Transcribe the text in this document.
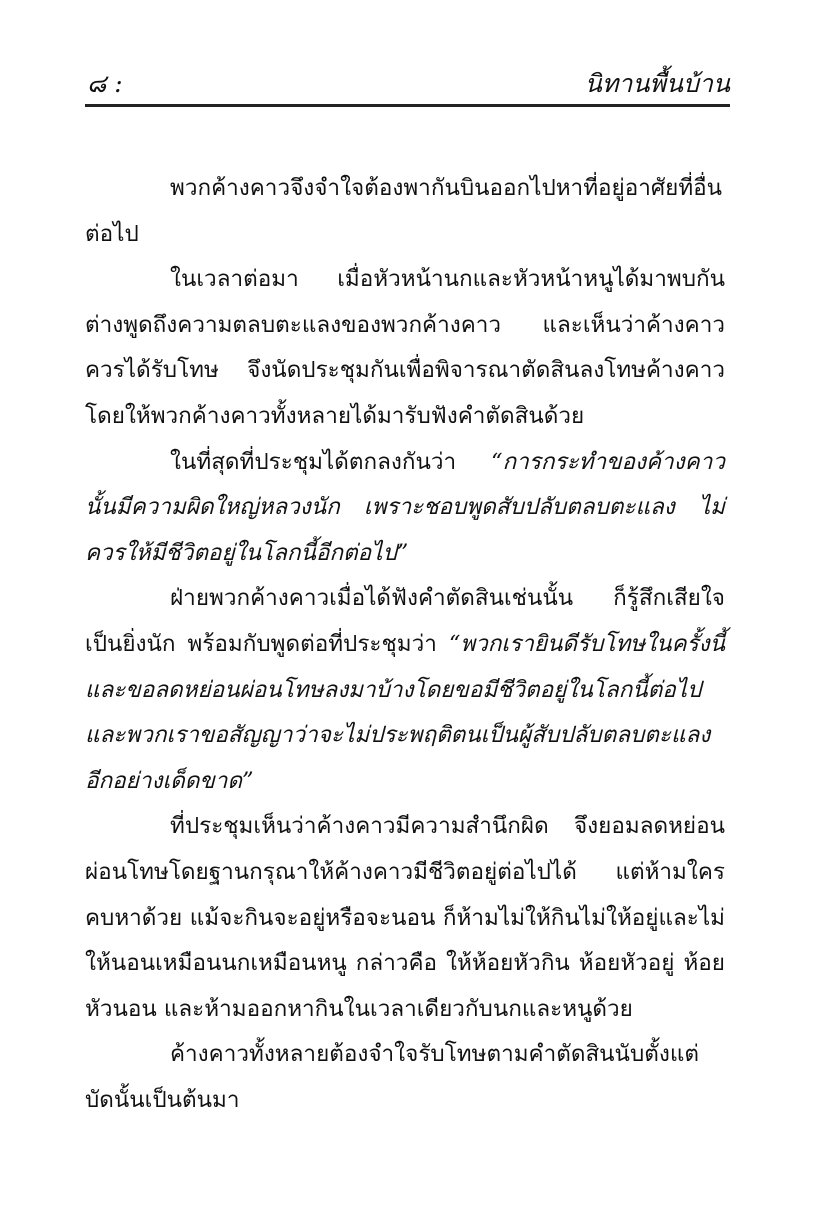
๘ :	นิทานพื้นบ้าน

พวกค้างคาวจึงจำใจต้องพากันบินออกไปหาที่อยู่อาศัยที่อื่นต่อไป

ในเวลาต่อมา เมื่อหัวหน้านกและหัวหน้าหนูได้มาพบกัน ต่างพูดถึงความตลบตะแลงของพวกค้างคาว และเห็นว่าค้างคาวควรได้รับโทษ จึงนัดประชุมกันเพื่อพิจารณาตัดสินลงโทษค้างคาว โดยให้พวกค้างคาวทั้งหลายได้มารับฟังคำตัดสินด้วย

ในที่สุดที่ประชุมได้ตกลงกันว่า “การกระทำของค้างคาวนั้นมีความผิดใหญ่หลวงนัก เพราะชอบพูดสับปลับตลบตะแลง ไม่ควรให้มีชีวิตอยู่ในโลกนี้อีกต่อไป”

ฝ่ายพวกค้างคาวเมื่อได้ฟังคำตัดสินเช่นนั้น ก็รู้สึกเสียใจเป็นยิ่งนัก พร้อมกับพูดต่อที่ประชุมว่า “พวกเรายินดีรับโทษในครั้งนี้และขอลดหย่อนผ่อนโทษลงมาบ้างโดยขอมีชีวิตอยู่ในโลกนี้ต่อไปและพวกเราขอสัญญาว่าจะไม่ประพฤติตนเป็นผู้สับปลับตลบตะแลงอีกอย่างเด็ดขาด”

ที่ประชุมเห็นว่าค้างคาวมีความสำนึกผิด จึงยอมลดหย่อนผ่อนโทษโดยฐานกรุณาให้ค้างคาวมีชีวิตอยู่ต่อไปได้ แต่ห้ามใครคบหาด้วย แม้จะกินจะอยู่หรือจะนอน ก็ห้ามไม่ให้กินไม่ให้อยู่และไม่ให้นอนเหมือนนกเหมือนหนู กล่าวคือ ให้ห้อยหัวกิน ห้อยหัวอยู่ ห้อยหัวนอน และห้ามออกหากินในเวลาเดียวกับนกและหนูด้วย

ค้างคาวทั้งหลายต้องจำใจรับโทษตามคำตัดสินนับตั้งแต่บัดนั้นเป็นต้นมา
